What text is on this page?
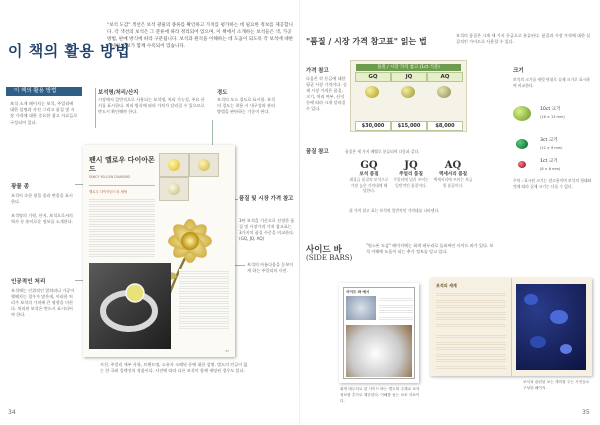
이 책의 활용 방법
"보석 도감" 섹션은 보석 광물의 종류를 확인하고 가치를 평가하는 데 필요한 정보를 제공합니다. 각 섹션의 보석은 그 분류에 따라 정리되어 있으며, 이 책에서 소개하는 보석들은 색, 가공 방법, 판매 방식에 따라 구분됩니다. 보석과 원석을 이해하는 데 도움이 되도록 각 보석에 대한 자세한 정보가 함께 수록되어 있습니다.
이 책의 활용 방법
보석 소개 페이지는 보석, 주얼리에 대한 설명과 사진 그리고 품질 및 시장 가격에 대한 중요한 참고 자료들로 구성되어 있다.
보석명/처리/산지
시장에서 일반적으로 사용되는 보석명, 처리 가능성, 주요 산지를 표시한다. 처리 방식에 따라 가치가 달라질 수 있으므로 반드시 확인해야 한다.
경도
보석의 모스 경도로 표시함. 보석의 경도는 착용 시 내구성과 관리 방법을 판단하는 기준이 된다.
광물 종
보석이 속한 광물 종과 변종을 표시한다.
보석명의 기원, 산지, 보석으로서의 역사 등 흥미로운 정보를 소개한다.
인공적인 처리
보석에는 인위적인 열처리나 가공이 행해지는 경우가 많은데, 이러한 처리가 보석의 가치에 큰 영향을 미친다. 처리된 보석은 반드시 표시되어야 한다.
품질 및 시장 가격 참고
3단 보석을 기준으로 선정한 품질 및 시장가격 가치 참고표는 3가지의 품질 수준을 비교한다. (GQ, JQ, AQ)
보석의 아름다움을 돋보이게 하는 주얼리의 사진.
사진, 주얼리 세부 사항, 브랜드명, 소유자 크레딧 등에 대한 설명. 별도의 언급이 없는 한 국외 컬렉션의 작품이다. 사진에 따라 다른 보석이 함께 세팅된 경우도 있다.
34
팬시 옐로우 다이아몬드
FANCY YELLOW DIAMOND
옐로우 다이아몬드의 세팅
37
"품질 / 시장 가격 참고표" 읽는 법
보석의 품질은 크게 세 가지 등급으로 분류된다. 품질과 시장 가격에 대한 실질적인 가이드로 사용할 수 있다.
가격 참고
다음은 각 등급에 대한 평균 시장 가격이다. 실제 시장 가격은 품질, 크기, 처리 여부, 산지 등에 따라 크게 달라질 수 있다.
품질 / 시장 가격 참고 (1ct 기준)
GQ	JQ	AQ
$30,000	$15,000	$8,000
품질 참고	품질은 세 가지 레벨로 분류되며 다음과 같다.
GQ
보석 품질
최상급 품질의 보석으로 가장 높은 가격대에 해당한다.
JQ
주얼리 품질
주얼리에 널리 쓰이는 일반적인 품질이다.
AQ
액세서리 품질
액세서리에 쓰이는 보급형 품질이다.
위 가격 참고 표는 보석의 일반적인 가격대를 나타낸다.
크기
보석의 크기를 캐럿 단위로 실제 크기로 표시하여 비교한다.
10ct 크기
(16 × 13 mm)
3ct 크기
(12 × 9 mm)
1ct 크기
(8 × 6 mm)
주의 : 표시된 크기는 참고용이며 보석의 형태와 컷에 따라 실제 크기는 다를 수 있다.
사이드 바
(SIDE BARS)
"원스톤 도감" 페이지에는 회색 테두리로 둘러싸인 사이드 바가 있다. 보석 이해에 도움이 되는 추가 정보를 담고 있다.
사이드 바 예시
보석의 세계
회색 테두리로 된 사이드 바는 별도의 주제로 보석 정보를 추가로 제공한다. 이해를 돕는 보조 자료이다.
보석과 관련된 보는 재미를 주는 사진들로 구성된 페이지.
35
